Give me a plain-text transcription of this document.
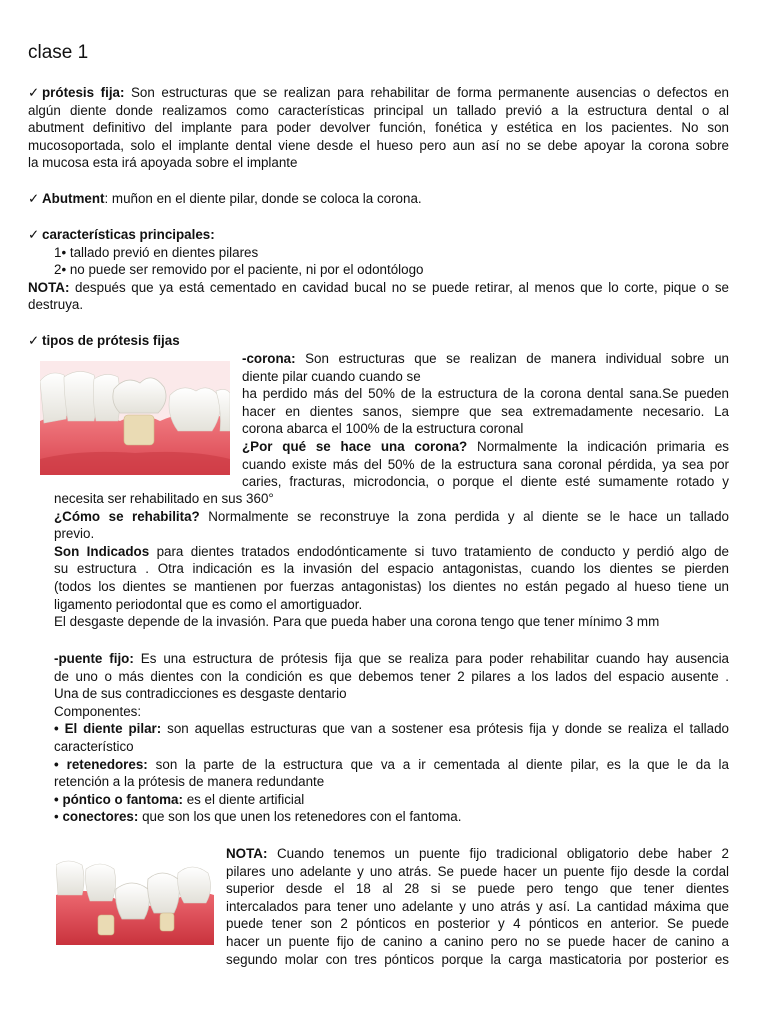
clase 1
✓ prótesis fija: Son estructuras que se realizan para rehabilitar de forma permanente ausencias o defectos en
algún diente donde realizamos como características principal un tallado previó a la estructura dental o al
abutment definitivo del implante para poder devolver función, fonética y estética en los pacientes. No son
mucosoportada, solo el implante dental viene desde el hueso pero aun así no se debe apoyar la corona sobre
la mucosa esta irá apoyada sobre el implante
✓ Abutment: muñon en el diente pilar, donde se coloca la corona.
✓ características principales:
1• tallado previó en dientes pilares
2• no puede ser removido por el paciente, ni por el odontólogo
NOTA: después que ya está cementado en cavidad bucal no se puede retirar, al menos que lo corte, pique o se
destruya.
✓ tipos de prótesis fijas
-corona: Son estructuras que se realizan de manera individual sobre un
diente pilar cuando cuando se
ha perdido más del 50% de la estructura de la corona dental sana.Se pueden
hacer en dientes sanos, siempre que sea extremadamente necesario. La
corona abarca el 100% de la estructura coronal
¿Por qué se hace una corona? Normalmente la indicación primaria es
cuando existe más del 50% de la estructura sana coronal pérdida, ya sea por
caries, fracturas, microdoncia, o porque el diente esté sumamente rotado y
necesita ser rehabilitado en sus 360°
¿Cómo se rehabilita? Normalmente se reconstruye la zona perdida y al diente se le hace un tallado
previo.
Son Indicados para dientes tratados endodónticamente si tuvo tratamiento de conducto y perdió algo de
su estructura . Otra indicación es la invasión del espacio antagonistas, cuando los dientes se pierden
(todos los dientes se mantienen por fuerzas antagonistas) los dientes no están pegado al hueso tiene un
ligamento periodontal que es como el amortiguador.
El desgaste depende de la invasión. Para que pueda haber una corona tengo que tener mínimo 3 mm
-puente fijo: Es una estructura de prótesis fija que se realiza para poder rehabilitar cuando hay ausencia
de uno o más dientes con la condición es que debemos tener 2 pilares a los lados del espacio ausente .
Una de sus contradicciones es desgaste dentario
Componentes:
• El diente pilar: son aquellas estructuras que van a sostener esa prótesis fija y donde se realiza el tallado
característico
• retenedores: son la parte de la estructura que va a ir cementada al diente pilar, es la que le da la
retención a la prótesis de manera redundante
• póntico o fantoma: es el diente artificial
• conectores: que son los que unen los retenedores con el fantoma.
NOTA: Cuando tenemos un puente fijo tradicional obligatorio debe haber 2
pilares uno adelante y uno atrás. Se puede hacer un puente fijo desde la cordal
superior desde el 18 al 28 si se puede pero tengo que tener dientes
intercalados para tener uno adelante y uno atrás y así. La cantidad máxima que
puede tener son 2 pónticos en posterior y 4 pónticos en anterior. Se puede
hacer un puente fijo de canino a canino pero no se puede hacer de canino a
segundo molar con tres pónticos porque la carga masticatoria por posterior es
